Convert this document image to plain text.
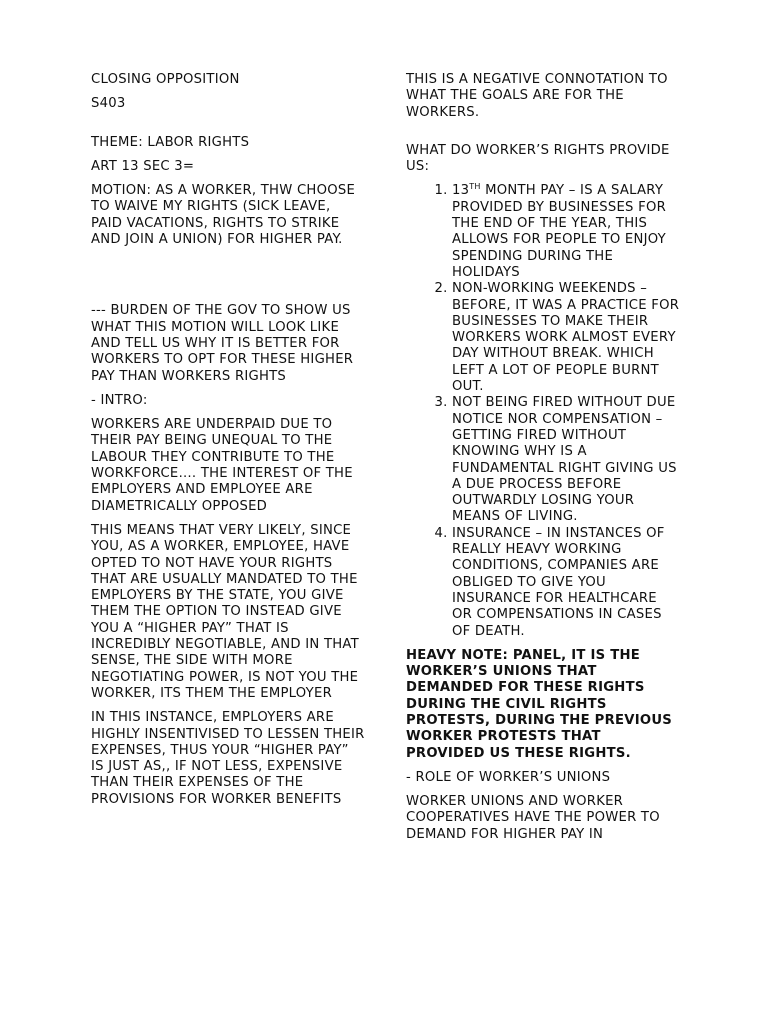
CLOSING OPPOSITION

S403

THEME: LABOR RIGHTS

ART 13 SEC 3=

MOTION: AS A WORKER, THW CHOOSE TO WAIVE MY RIGHTS (SICK LEAVE, PAID VACATIONS, RIGHTS TO STRIKE AND JOIN A UNION) FOR HIGHER PAY.

--- BURDEN OF THE GOV TO SHOW US WHAT THIS MOTION WILL LOOK LIKE AND TELL US WHY IT IS BETTER FOR WORKERS TO OPT FOR THESE HIGHER PAY THAN WORKERS RIGHTS

- INTRO:

WORKERS ARE UNDERPAID DUE TO THEIR PAY BEING UNEQUAL TO THE LABOUR THEY CONTRIBUTE TO THE WORKFORCE…. THE INTEREST OF THE EMPLOYERS AND EMPLOYEE ARE DIAMETRICALLY OPPOSED

THIS MEANS THAT VERY LIKELY, SINCE YOU, AS A WORKER, EMPLOYEE, HAVE OPTED TO NOT HAVE YOUR RIGHTS THAT ARE USUALLY MANDATED TO THE EMPLOYERS BY THE STATE, YOU GIVE THEM THE OPTION TO INSTEAD GIVE YOU A “HIGHER PAY” THAT IS INCREDIBLY NEGOTIABLE, AND IN THAT SENSE, THE SIDE WITH MORE NEGOTIATING POWER, IS NOT YOU THE WORKER, ITS THEM THE EMPLOYER

IN THIS INSTANCE, EMPLOYERS ARE HIGHLY INSENTIVISED TO LESSEN THEIR EXPENSES, THUS YOUR “HIGHER PAY” IS JUST AS,, IF NOT LESS, EXPENSIVE THAN THEIR EXPENSES OF THE PROVISIONS FOR WORKER BENEFITS

THIS IS A NEGATIVE CONNOTATION TO WHAT THE GOALS ARE FOR THE WORKERS.

WHAT DO WORKER’S RIGHTS PROVIDE US:

1. 13TH MONTH PAY – IS A SALARY PROVIDED BY BUSINESSES FOR THE END OF THE YEAR, THIS ALLOWS FOR PEOPLE TO ENJOY SPENDING DURING THE HOLIDAYS
2. NON-WORKING WEEKENDS – BEFORE, IT WAS A PRACTICE FOR BUSINESSES TO MAKE THEIR WORKERS WORK ALMOST EVERY DAY WITHOUT BREAK. WHICH LEFT A LOT OF PEOPLE BURNT OUT.
3. NOT BEING FIRED WITHOUT DUE NOTICE NOR COMPENSATION – GETTING FIRED WITHOUT KNOWING WHY IS A FUNDAMENTAL RIGHT GIVING US A DUE PROCESS BEFORE OUTWARDLY LOSING YOUR MEANS OF LIVING.
4. INSURANCE – IN INSTANCES OF REALLY HEAVY WORKING CONDITIONS, COMPANIES ARE OBLIGED TO GIVE YOU INSURANCE FOR HEALTHCARE OR COMPENSATIONS IN CASES OF DEATH.

HEAVY NOTE: PANEL, IT IS THE WORKER’S UNIONS THAT DEMANDED FOR THESE RIGHTS DURING THE CIVIL RIGHTS PROTESTS, DURING THE PREVIOUS WORKER PROTESTS THAT PROVIDED US THESE RIGHTS.

- ROLE OF WORKER’S UNIONS

WORKER UNIONS AND WORKER COOPERATIVES HAVE THE POWER TO DEMAND FOR HIGHER PAY IN
